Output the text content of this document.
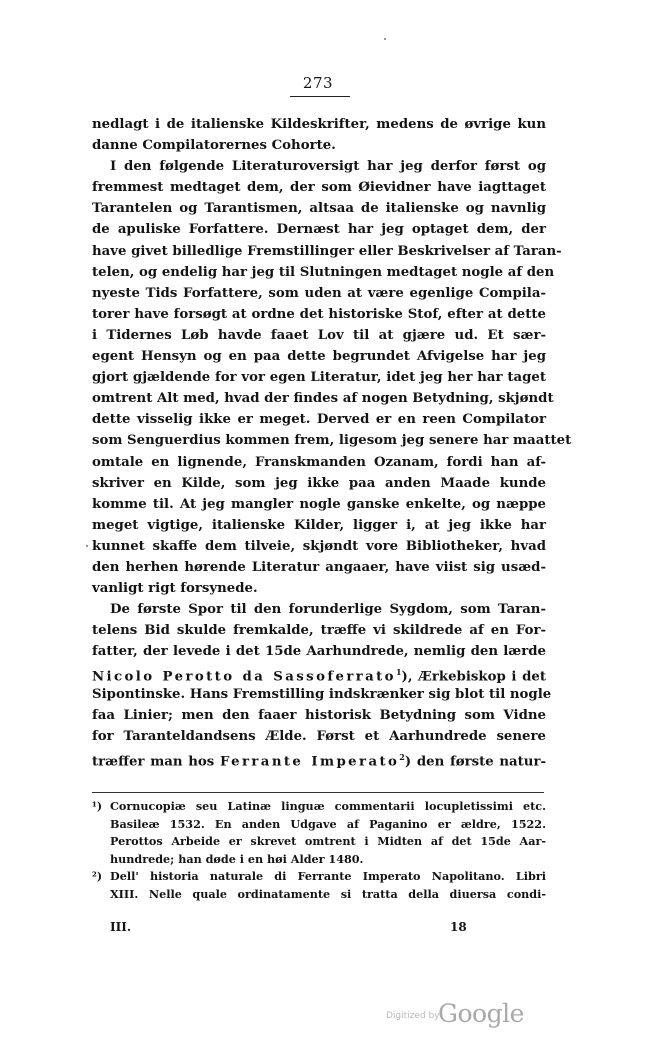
273
nedlagt i de italienske Kildeskrifter, medens de øvrige kun
danne Compilatorernes Cohorte.
I den følgende Literaturoversigt har jeg derfor først og
fremmest medtaget dem, der som Øievidner have iagttaget
Tarantelen og Tarantismen, altsaa de italienske og navnlig
de apuliske Forfattere. Dernæst har jeg optaget dem, der
have givet billedlige Fremstillinger eller Beskrivelser af Taran-
telen, og endelig har jeg til Slutningen medtaget nogle af den
nyeste Tids Forfattere, som uden at være egenlige Compila-
torer have forsøgt at ordne det historiske Stof, efter at dette
i Tidernes Løb havde faaet Lov til at gjære ud. Et sær-
egent Hensyn og en paa dette begrundet Afvigelse har jeg
gjort gjældende for vor egen Literatur, idet jeg her har taget
omtrent Alt med, hvad der findes af nogen Betydning, skjøndt
dette visselig ikke er meget. Derved er en reen Compilator
som Senguerdius kommen frem, ligesom jeg senere har maattet
omtale en lignende, Franskmanden Ozanam, fordi han af-
skriver en Kilde, som jeg ikke paa anden Maade kunde
komme til. At jeg mangler nogle ganske enkelte, og næppe
meget vigtige, italienske Kilder, ligger i, at jeg ikke har
kunnet skaffe dem tilveie, skjøndt vore Bibliotheker, hvad
den herhen hørende Literatur angaaer, have viist sig usæd-
vanligt rigt forsynede.
De første Spor til den forunderlige Sygdom, som Taran-
telens Bid skulde fremkalde, træffe vi skildrede af en For-
fatter, der levede i det 15de Aarhundrede, nemlig den lærde
Nicolo Perotto da Sassoferrato$^1$), Ærkebiskop i det
Sipontinske. Hans Fremstilling indskrænker sig blot til nogle
faa Linier; men den faaer historisk Betydning som Vidne
for Taranteldandsens Ælde. Først et Aarhundrede senere
træffer man hos Ferrante Imperato$^2$) den første natur-
¹) Cornucopiæ seu Latinæ linguæ commentarii locupletissimi etc.
Basileæ 1532. En anden Udgave af Paganino er ældre, 1522.
Perottos Arbeide er skrevet omtrent i Midten af det 15de Aar-
hundrede; han døde i en høi Alder 1480.
²) Dell' historia naturale di Ferrante Imperato Napolitano. Libri
XIII. Nelle quale ordinatamente si tratta della diuersa condi-
III.	18
Digitized by
Google
